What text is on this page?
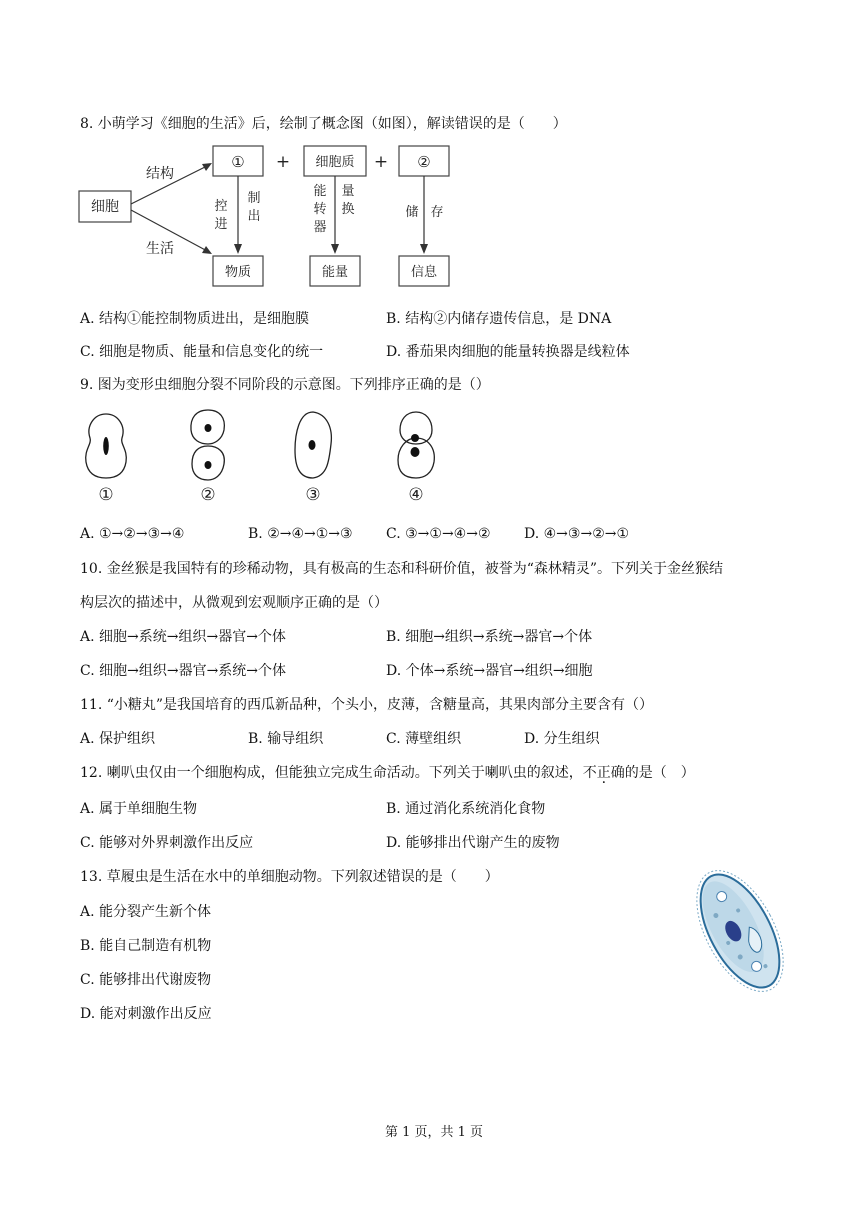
8. 小萌学习《细胞的生活》后，绘制了概念图（如图），解读错误的是（　　）
细胞
结构
生活
① + 细胞质 + ②
控
进
制
出
能
转
器
量
换	储 存
物质	能量	信息
A. 结构①能控制物质进出，是细胞膜	B. 结构②内储存遗传信息，是 DNA
C. 细胞是物质、能量和信息变化的统一	D. 番茄果肉细胞的能量转换器是线粒体
9. 图为变形虫细胞分裂不同阶段的示意图。下列排序正确的是（）
①	②	③	④
A. ①→②→③→④	B. ②→④→①→③ C. ③→①→④→② D. ④→③→②→①
10. 金丝猴是我国特有的珍稀动物，具有极高的生态和科研价值，被誉为“森林精灵”。下列关于金丝猴结
构层次的描述中，从微观到宏观顺序正确的是（）
A. 细胞→系统→组织→器官→个体	B. 细胞→组织→系统→器官→个体
C. 细胞→组织→器官→系统→个体	D. 个体→系统→器官→组织→细胞
11. “小糖丸”是我国培育的西瓜新品种，个头小，皮薄，含糖量高，其果肉部分主要含有（）
A. 保护组织	B. 输导组织	C. 薄壁组织	D. 分生组织
12. 喇叭虫仅由一个细胞构成，但能独立完成生命活动。下列关于喇叭虫的叙述，不正确的是（　）
A. 属于单细胞生物	B. 通过消化系统消化食物
C. 能够对外界刺激作出反应	D. 能够排出代谢产生的废物
13. 草履虫是生活在水中的单细胞动物。下列叙述错误的是（　　）
A. 能分裂产生新个体
B. 能自己制造有机物
C. 能够排出代谢废物
D. 能对刺激作出反应
第 1 页，共 1 页
